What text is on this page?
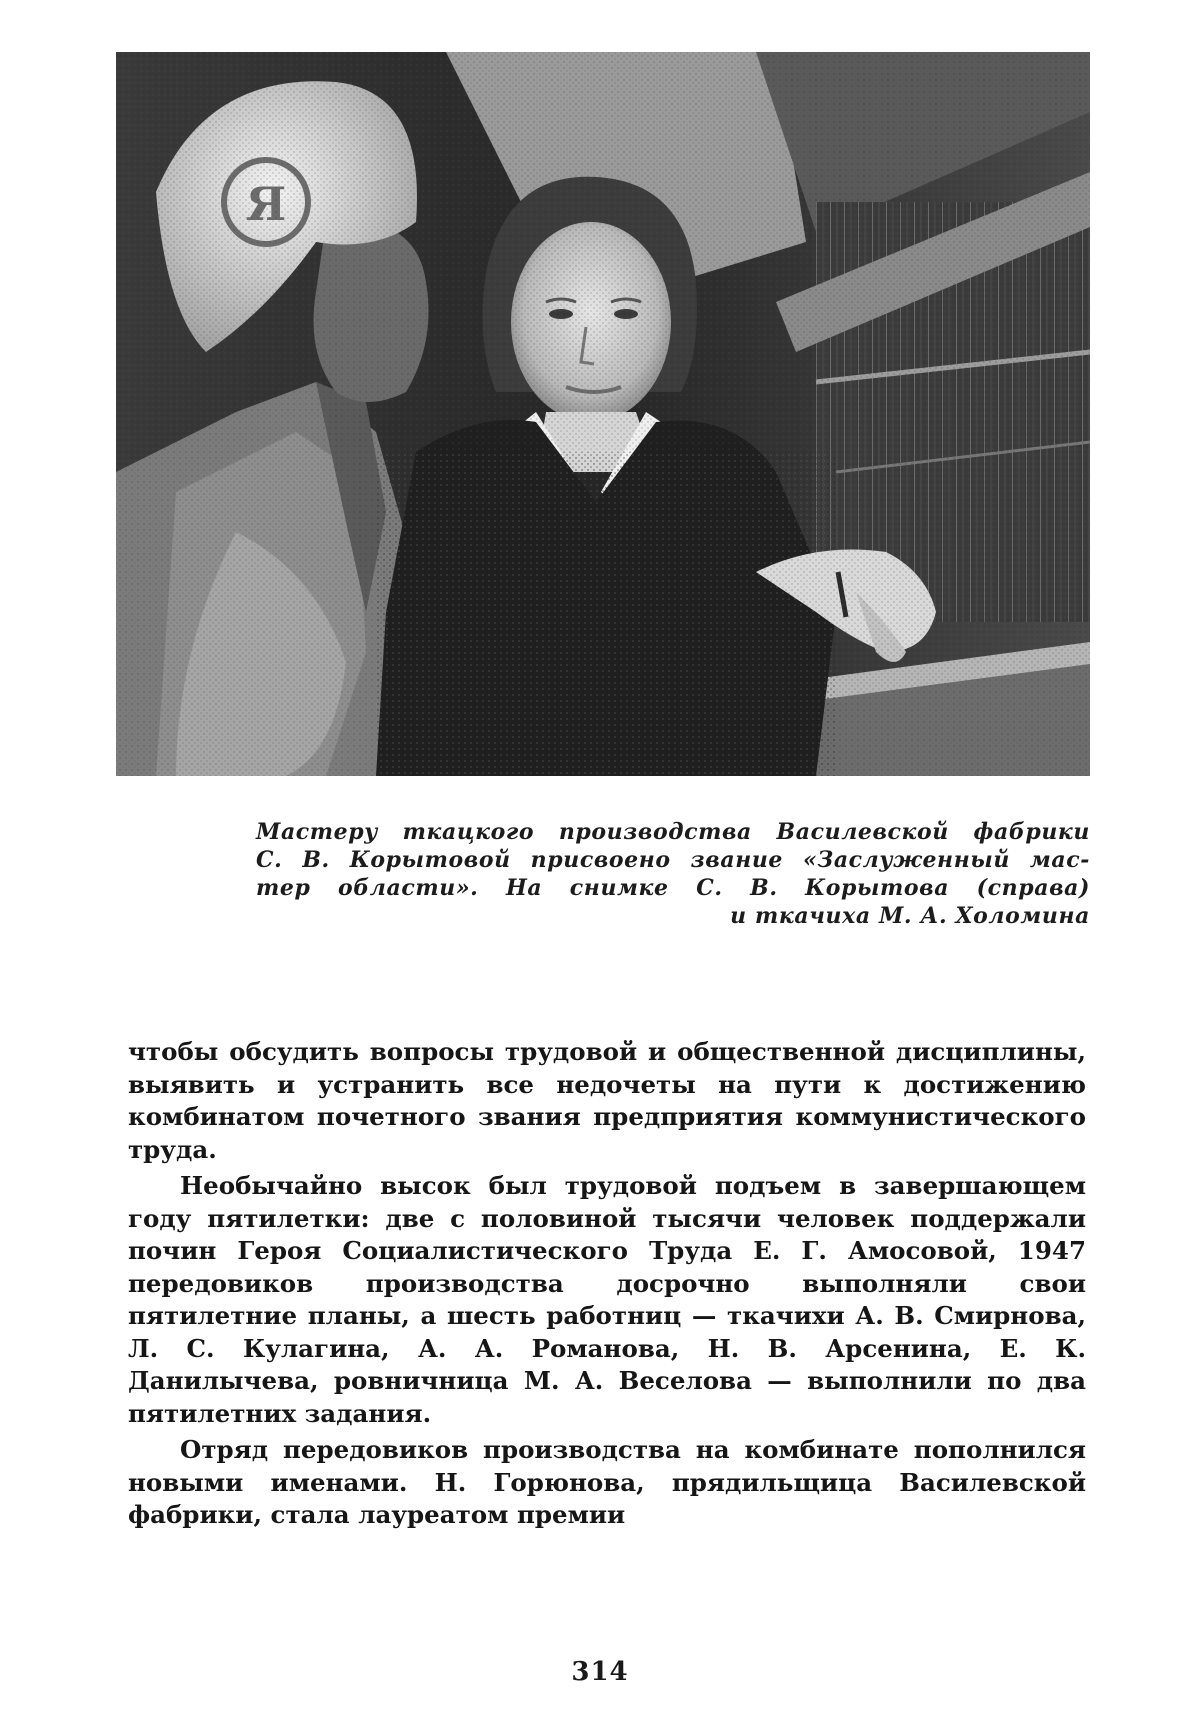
Я
Мастеру ткацкого производства Василевской фабрики
С. В. Корытовой присвоено звание «Заслуженный мас-
тер области». На снимке С. В. Корытова (справа)
и ткачиха М. А. Холомина

чтобы обсудить вопросы трудовой и общественной дисциплины, выявить и устранить все недочеты на пути к достижению комбинатом почетного звания предприятия коммунистического труда.

Необычайно высок был трудовой подъем в завершающем году пятилетки: две с половиной тысячи человек поддержали почин Героя Социалистического Труда Е. Г. Амосовой, 1947 передовиков производства досрочно выполняли свои пятилетние планы, а шесть работниц — ткачихи А. В. Смирнова, Л. С. Кулагина, А. А. Романова, Н. В. Арсенина, Е. К. Данилычева, ровничница М. А. Веселова — выполнили по два пятилетних задания.

Отряд передовиков производства на комбинате пополнился новыми именами. Н. Горюнова, прядильщица Василевской фабрики, стала лауреатом премии

314
